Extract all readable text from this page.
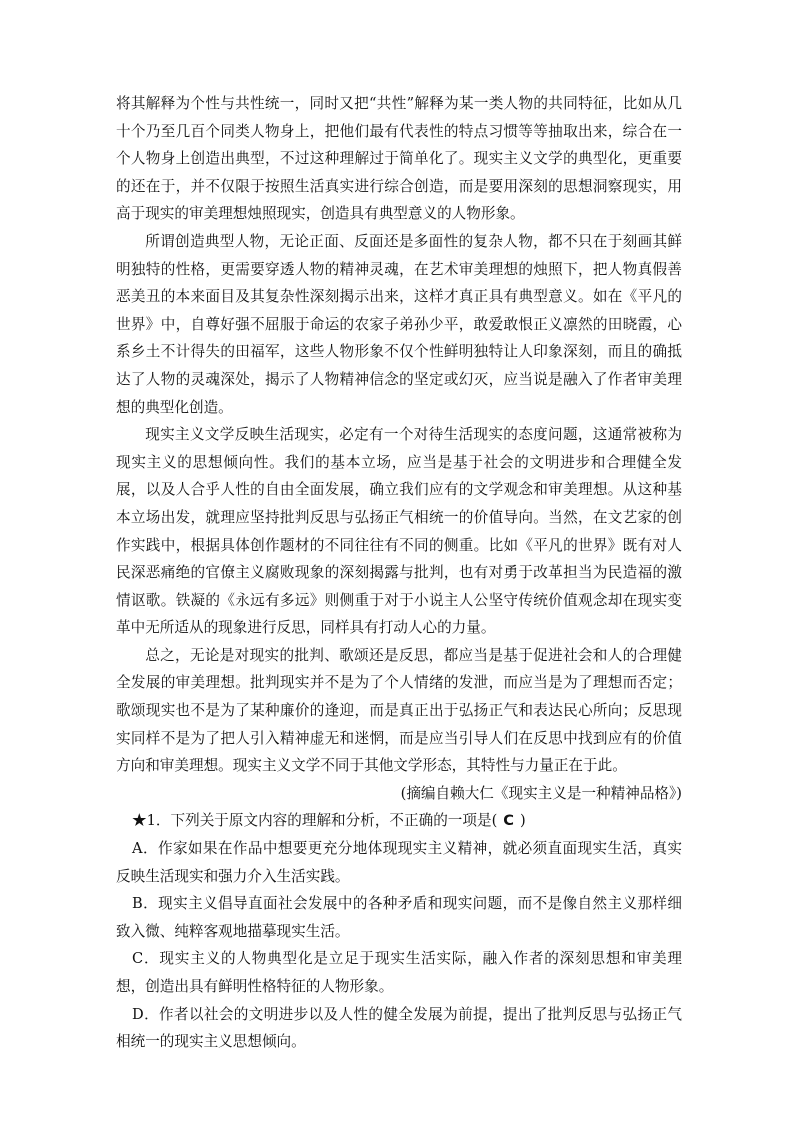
将其解释为个性与共性统一，同时又把“共性”解释为某一类人物的共同特征，比如从几十个乃至几百个同类人物身上，把他们最有代表性的特点习惯等等抽取出来，综合在一个人物身上创造出典型，不过这种理解过于简单化了。现实主义文学的典型化，更重要的还在于，并不仅限于按照生活真实进行综合创造，而是要用深刻的思想洞察现实，用高于现实的审美理想烛照现实，创造具有典型意义的人物形象。

所谓创造典型人物，无论正面、反面还是多面性的复杂人物，都不只在于刻画其鲜明独特的性格，更需要穿透人物的精神灵魂，在艺术审美理想的烛照下，把人物真假善恶美丑的本来面目及其复杂性深刻揭示出来，这样才真正具有典型意义。如在《平凡的世界》中，自尊好强不屈服于命运的农家子弟孙少平，敢爱敢恨正义凛然的田晓霞，心系乡土不计得失的田福军，这些人物形象不仅个性鲜明独特让人印象深刻，而且的确抵达了人物的灵魂深处，揭示了人物精神信念的坚定或幻灭，应当说是融入了作者审美理想的典型化创造。

现实主义文学反映生活现实，必定有一个对待生活现实的态度问题，这通常被称为现实主义的思想倾向性。我们的基本立场，应当是基于社会的文明进步和合理健全发展，以及人合乎人性的自由全面发展，确立我们应有的文学观念和审美理想。从这种基本立场出发，就理应坚持批判反思与弘扬正气相统一的价值导向。当然，在文艺家的创作实践中，根据具体创作题材的不同往往有不同的侧重。比如《平凡的世界》既有对人民深恶痛绝的官僚主义腐败现象的深刻揭露与批判，也有对勇于改革担当为民造福的激情讴歌。铁凝的《永远有多远》则侧重于对于小说主人公坚守传统价值观念却在现实变革中无所适从的现象进行反思，同样具有打动人心的力量。

总之，无论是对现实的批判、歌颂还是反思，都应当是基于促进社会和人的合理健全发展的审美理想。批判现实并不是为了个人情绪的发泄，而应当是为了理想而否定；歌颂现实也不是为了某种廉价的逢迎，而是真正出于弘扬正气和表达民心所向；反思现实同样不是为了把人引入精神虚无和迷惘，而是应当引导人们在反思中找到应有的价值方向和审美理想。现实主义文学不同于其他文学形态，其特性与力量正在于此。

(摘编自赖大仁《现实主义是一种精神品格》)

★1．下列关于原文内容的理解和分析，不正确的一项是( C )

A．作家如果在作品中想要更充分地体现现实主义精神，就必须直面现实生活，真实反映生活现实和强力介入生活实践。

B．现实主义倡导直面社会发展中的各种矛盾和现实问题，而不是像自然主义那样细致入微、纯粹客观地描摹现实生活。

C．现实主义的人物典型化是立足于现实生活实际，融入作者的深刻思想和审美理想，创造出具有鲜明性格特征的人物形象。

D．作者以社会的文明进步以及人性的健全发展为前提，提出了批判反思与弘扬正气相统一的现实主义思想倾向。
